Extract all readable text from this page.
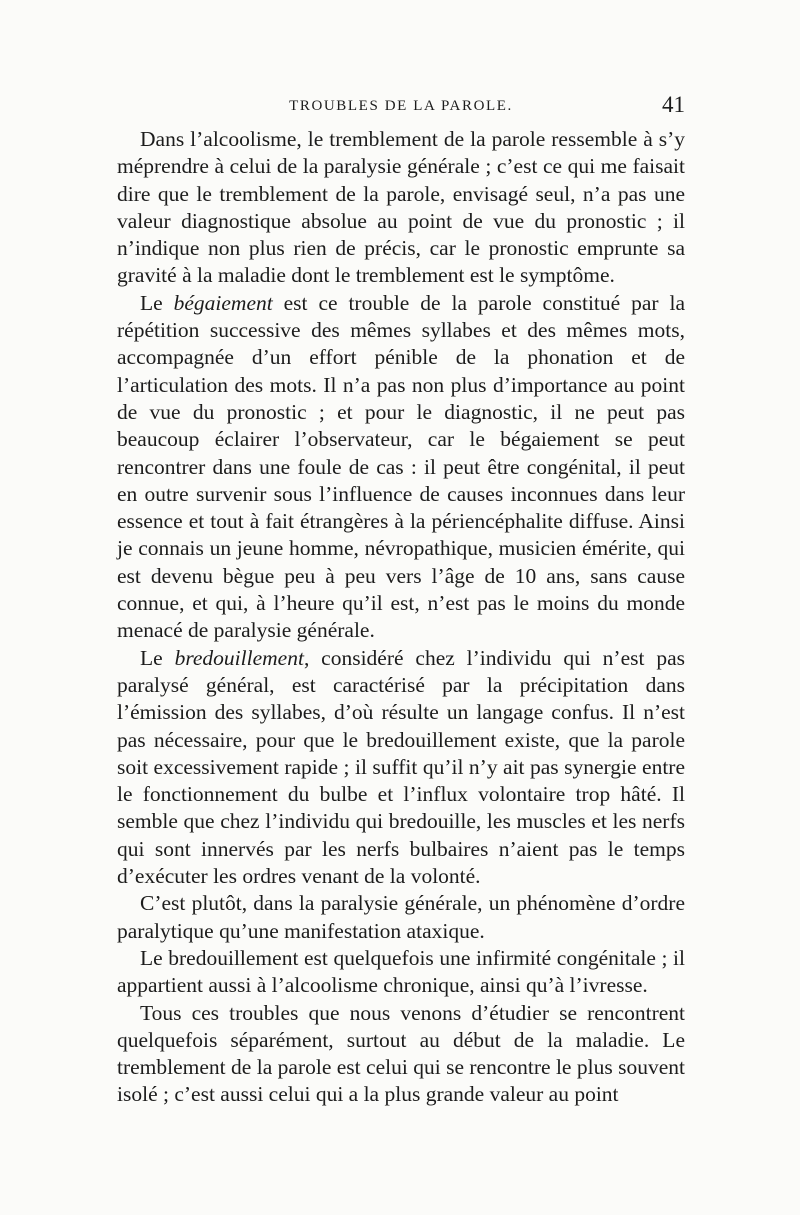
TROUBLES DE LA PAROLE.	41

Dans l’alcoolisme, le tremblement de la parole ressemble à s’y méprendre à celui de la paralysie générale ; c’est ce qui me faisait dire que le tremblement de la parole, envisagé seul, n’a pas une valeur diagnostique absolue au point de vue du pronostic ; il n’indique non plus rien de précis, car le pronostic emprunte sa gravité à la maladie dont le tremblement est le symptôme.

Le bégaiement est ce trouble de la parole constitué par la répétition successive des mêmes syllabes et des mêmes mots, accompagnée d’un effort pénible de la phonation et de l’articulation des mots. Il n’a pas non plus d’importance au point de vue du pronostic ; et pour le diagnostic, il ne peut pas beaucoup éclairer l’observateur, car le bégaiement se peut rencontrer dans une foule de cas : il peut être congénital, il peut en outre survenir sous l’influence de causes inconnues dans leur essence et tout à fait étrangères à la périencéphalite diffuse. Ainsi je connais un jeune homme, névropathique, musicien émérite, qui est devenu bègue peu à peu vers l’âge de 10 ans, sans cause connue, et qui, à l’heure qu’il est, n’est pas le moins du monde menacé de paralysie générale.

Le bredouillement, considéré chez l’individu qui n’est pas paralysé général, est caractérisé par la précipitation dans l’émission des syllabes, d’où résulte un langage confus. Il n’est pas nécessaire, pour que le bredouillement existe, que la parole soit excessivement rapide ; il suffit qu’il n’y ait pas synergie entre le fonctionnement du bulbe et l’influx volontaire trop hâté. Il semble que chez l’individu qui bredouille, les muscles et les nerfs qui sont innervés par les nerfs bulbaires n’aient pas le temps d’exécuter les ordres venant de la volonté.

C’est plutôt, dans la paralysie générale, un phénomène d’ordre paralytique qu’une manifestation ataxique.

Le bredouillement est quelquefois une infirmité congénitale ; il appartient aussi à l’alcoolisme chronique, ainsi qu’à l’ivresse.

Tous ces troubles que nous venons d’étudier se rencontrent quelquefois séparément, surtout au début de la maladie. Le tremblement de la parole est celui qui se rencontre le plus souvent isolé ; c’est aussi celui qui a la plus grande valeur au point
